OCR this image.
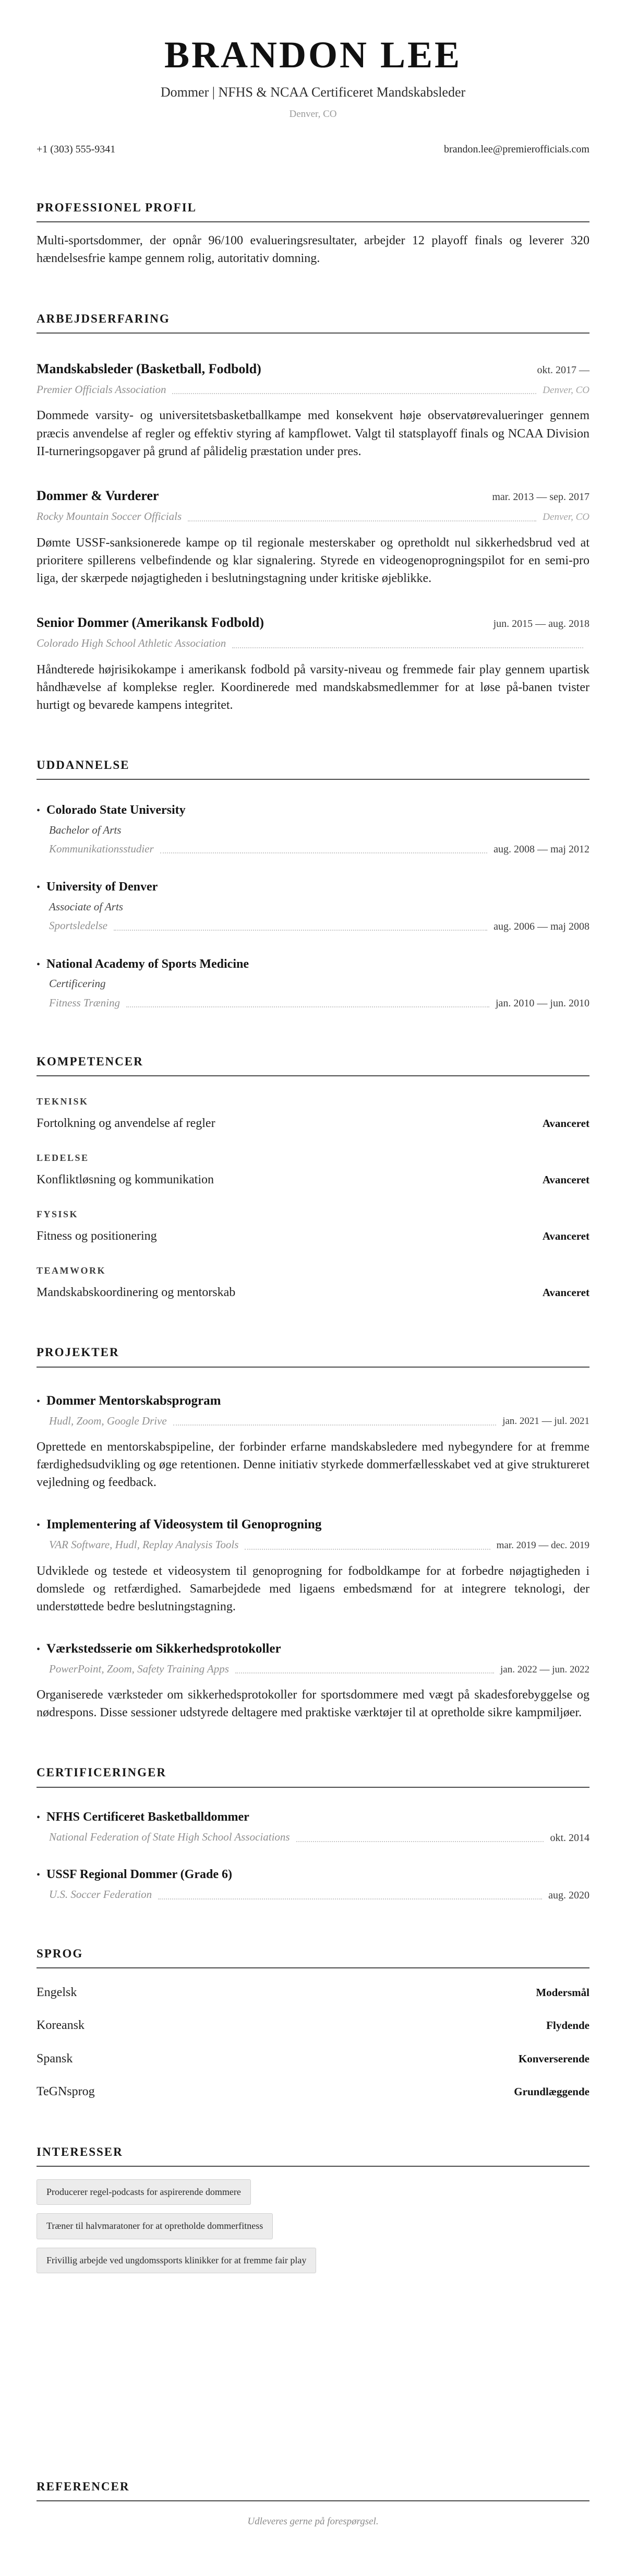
BRANDON LEE
Dommer | NFHS & NCAA Certificeret Mandskabsleder
Denver, CO
+1 (303) 555-9341	brandon.lee@premierofficials.com
PROFESSIONEL PROFIL

Multi-sportsdommer, der opnår 96/100 evalueringsresultater, arbejder 12 playoff finals og leverer 320 hændelsesfrie kampe gennem rolig, autoritativ domning.

ARBEJDSERFARING
Mandskabsleder (Basketball, Fodbold)	okt. 2017 —
Premier Officials Association	Denver, CO

Dommede varsity- og universitetsbasketballkampe med konsekvent høje observatørevalueringer gennem præcis anvendelse af regler og effektiv styring af kampflowet. Valgt til statsplayoff finals og NCAA Division II-turneringsopgaver på grund af pålidelig præstation under pres.

Dommer & Vurderer	mar. 2013 — sep. 2017
Rocky Mountain Soccer Officials	Denver, CO

Dømte USSF-sanksionerede kampe op til regionale mesterskaber og opretholdt nul sikkerhedsbrud ved at prioritere spillerens velbefindende og klar signalering. Styrede en videogenoprogningspilot for en semi-pro liga, der skærpede nøjagtigheden i beslutningstagning under kritiske øjeblikke.

Senior Dommer (Amerikansk Fodbold)	jun. 2015 — aug. 2018
Colorado High School Athletic Association

Håndterede højrisikokampe i amerikansk fodbold på varsity-niveau og fremmede fair play gennem upartisk håndhævelse af komplekse regler. Koordinerede med mandskabsmedlemmer for at løse på-banen tvister hurtigt og bevarede kampens integritet.

UDDANNELSE
• Colorado State University
Bachelor of Arts
Kommunikationsstudier	aug. 2008 — maj 2012
• University of Denver
Associate of Arts
Sportsledelse	aug. 2006 — maj 2008
• National Academy of Sports Medicine
Certificering
Fitness Træning	jan. 2010 — jun. 2010
KOMPETENCER
TEKNISK
Fortolkning og anvendelse af regler	Avanceret
LEDELSE
Konfliktløsning og kommunikation	Avanceret
FYSISK
Fitness og positionering	Avanceret
TEAMWORK
Mandskabskoordinering og mentorskab	Avanceret
PROJEKTER
• Dommer Mentorskabsprogram
Hudl, Zoom, Google Drive	jan. 2021 — jul. 2021

Oprettede en mentorskabspipeline, der forbinder erfarne mandskabsledere med nybegyndere for at fremme færdighedsudvikling og øge retentionen. Denne initiativ styrkede dommerfællesskabet ved at give struktureret vejledning og feedback.

• Implementering af Videosystem til Genoprogning
VAR Software, Hudl, Replay Analysis Tools	mar. 2019 — dec. 2019

Udviklede og testede et videosystem til genoprogning for fodboldkampe for at forbedre nøjagtigheden i domslede og retfærdighed. Samarbejdede med ligaens embedsmænd for at integrere teknologi, der understøttede bedre beslutningstagning.

• Værkstedsserie om Sikkerhedsprotokoller
PowerPoint, Zoom, Safety Training Apps	jan. 2022 — jun. 2022

Organiserede værksteder om sikkerhedsprotokoller for sportsdommere med vægt på skadesforebyggelse og nødrespons. Disse sessioner udstyrede deltagere med praktiske værktøjer til at opretholde sikre kampmiljøer.

CERTIFICERINGER
• NFHS Certificeret Basketballdommer
National Federation of State High School Associations	okt. 2014
• USSF Regional Dommer (Grade 6)
U.S. Soccer Federation	aug. 2020
SPROG
Engelsk	Modersmål
Koreansk	Flydende
Spansk	Konverserende
TeGNsprog	Grundlæggende
INTERESSER
Producerer regel-podcasts for aspirerende dommere
Træner til halvmaratoner for at opretholde dommerfitness
Frivillig arbejde ved ungdomssports klinikker for at fremme fair play
REFERENCER

Udleveres gerne på forespørgsel.
